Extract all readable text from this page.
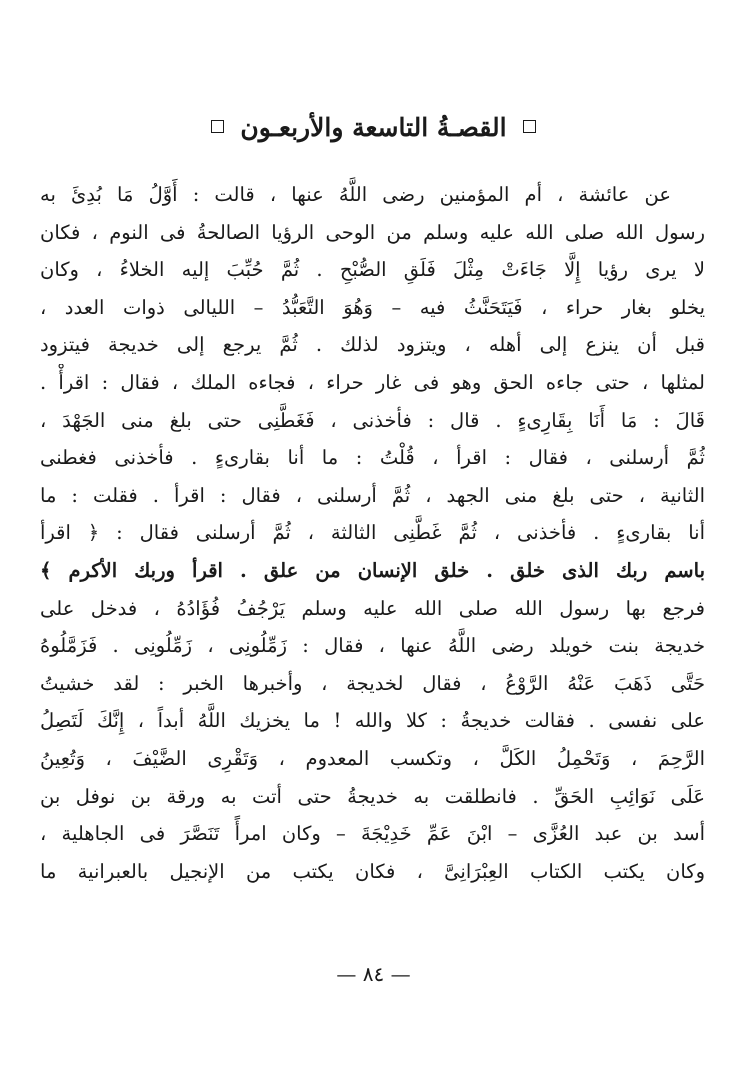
القصـةُ التاسعة والأربعـون
عن عائشة ، أم المؤمنين رضى اللَّهُ عنها ، قالت : أَوَّلُ مَا بُدِئَ به
رسول الله صلى الله عليه وسلم من الوحى الرؤيا الصالحةُ فى النوم ، فكان
لا يرى رؤيا إِلَّا جَاءَتْ مِثْلَ فَلَقِ الصُّبْحِ . ثُمَّ حُبِّبَ إليه الخلاءُ ، وكان
يخلو بغار حراء ، فَيَتَحَنَّثُ فيه – وَهُوَ التَّعَبُّدُ – الليالى ذوات العدد ،
قبل أن ينزع إلى أهله ، ويتزود لذلك . ثُمَّ يرجع إلى خديجة فيتزود
لمثلها ، حتى جاءه الحق وهو فى غار حراء ، فجاءه الملك ، فقال : اقرأْ .
قَالَ : مَا أَنَا بِقَارِىءٍ . قال : فأخذنى ، فَغَطَّنِى حتى بلغ منى الجَهْدَ ،
ثُمَّ أرسلنى ، فقال : اقرأ ، قُلْتُ : ما أنا بقارىءٍ . فأخذنى فغطنى
الثانية ، حتى بلغ منى الجهد ، ثُمَّ أرسلنى ، فقال : اقرأ . فقلت : ما
أنا بقارىءٍ . فأخذنى ، ثُمَّ غَطَّنِى الثالثة ، ثُمَّ أرسلنى فقال : ﴿ اقرأ
باسم ربك الذى خلق . خلق الإنسان من علق . اقرأ وربك الأكرم ﴾
فرجع بها رسول الله صلى الله عليه وسلم يَرْجُفُ فُؤَادُهُ ، فدخل على
خديجة بنت خويلد رضى اللَّهُ عنها ، فقال : زَمِّلُونِى ، زَمِّلُونِى . فَزَمَّلُوهُ
حَتَّى ذَهَبَ عَنْهُ الرَّوْعُ ، فقال لخديجة ، وأخبرها الخبر : لقد خشيتُ
على نفسى . فقالت خديجةُ : كلا والله ! ما يخزيك اللَّهُ أبداً ، إِنَّكَ لَتَصِلُ
الرَّحِمَ ، وَتَحْمِلُ الكَلَّ ، وتكسب المعدوم ، وَتَقْرِى الضَّيْفَ ، وَتُعِينُ
عَلَى نَوَائِبِ الحَقِّ . فانطلقت به خديجةُ حتى أتت به ورقة بن نوفل بن
أسد بن عبد العُزَّى – ابْنَ عَمِّ خَدِيْجَةَ – وكان امرأً تَنَصَّرَ فى الجاهلية ،
وكان يكتب الكتاب العِبْرَانِىَّ ، فكان يكتب من الإنجيل بالعبرانية ما
— ٨٤ —
